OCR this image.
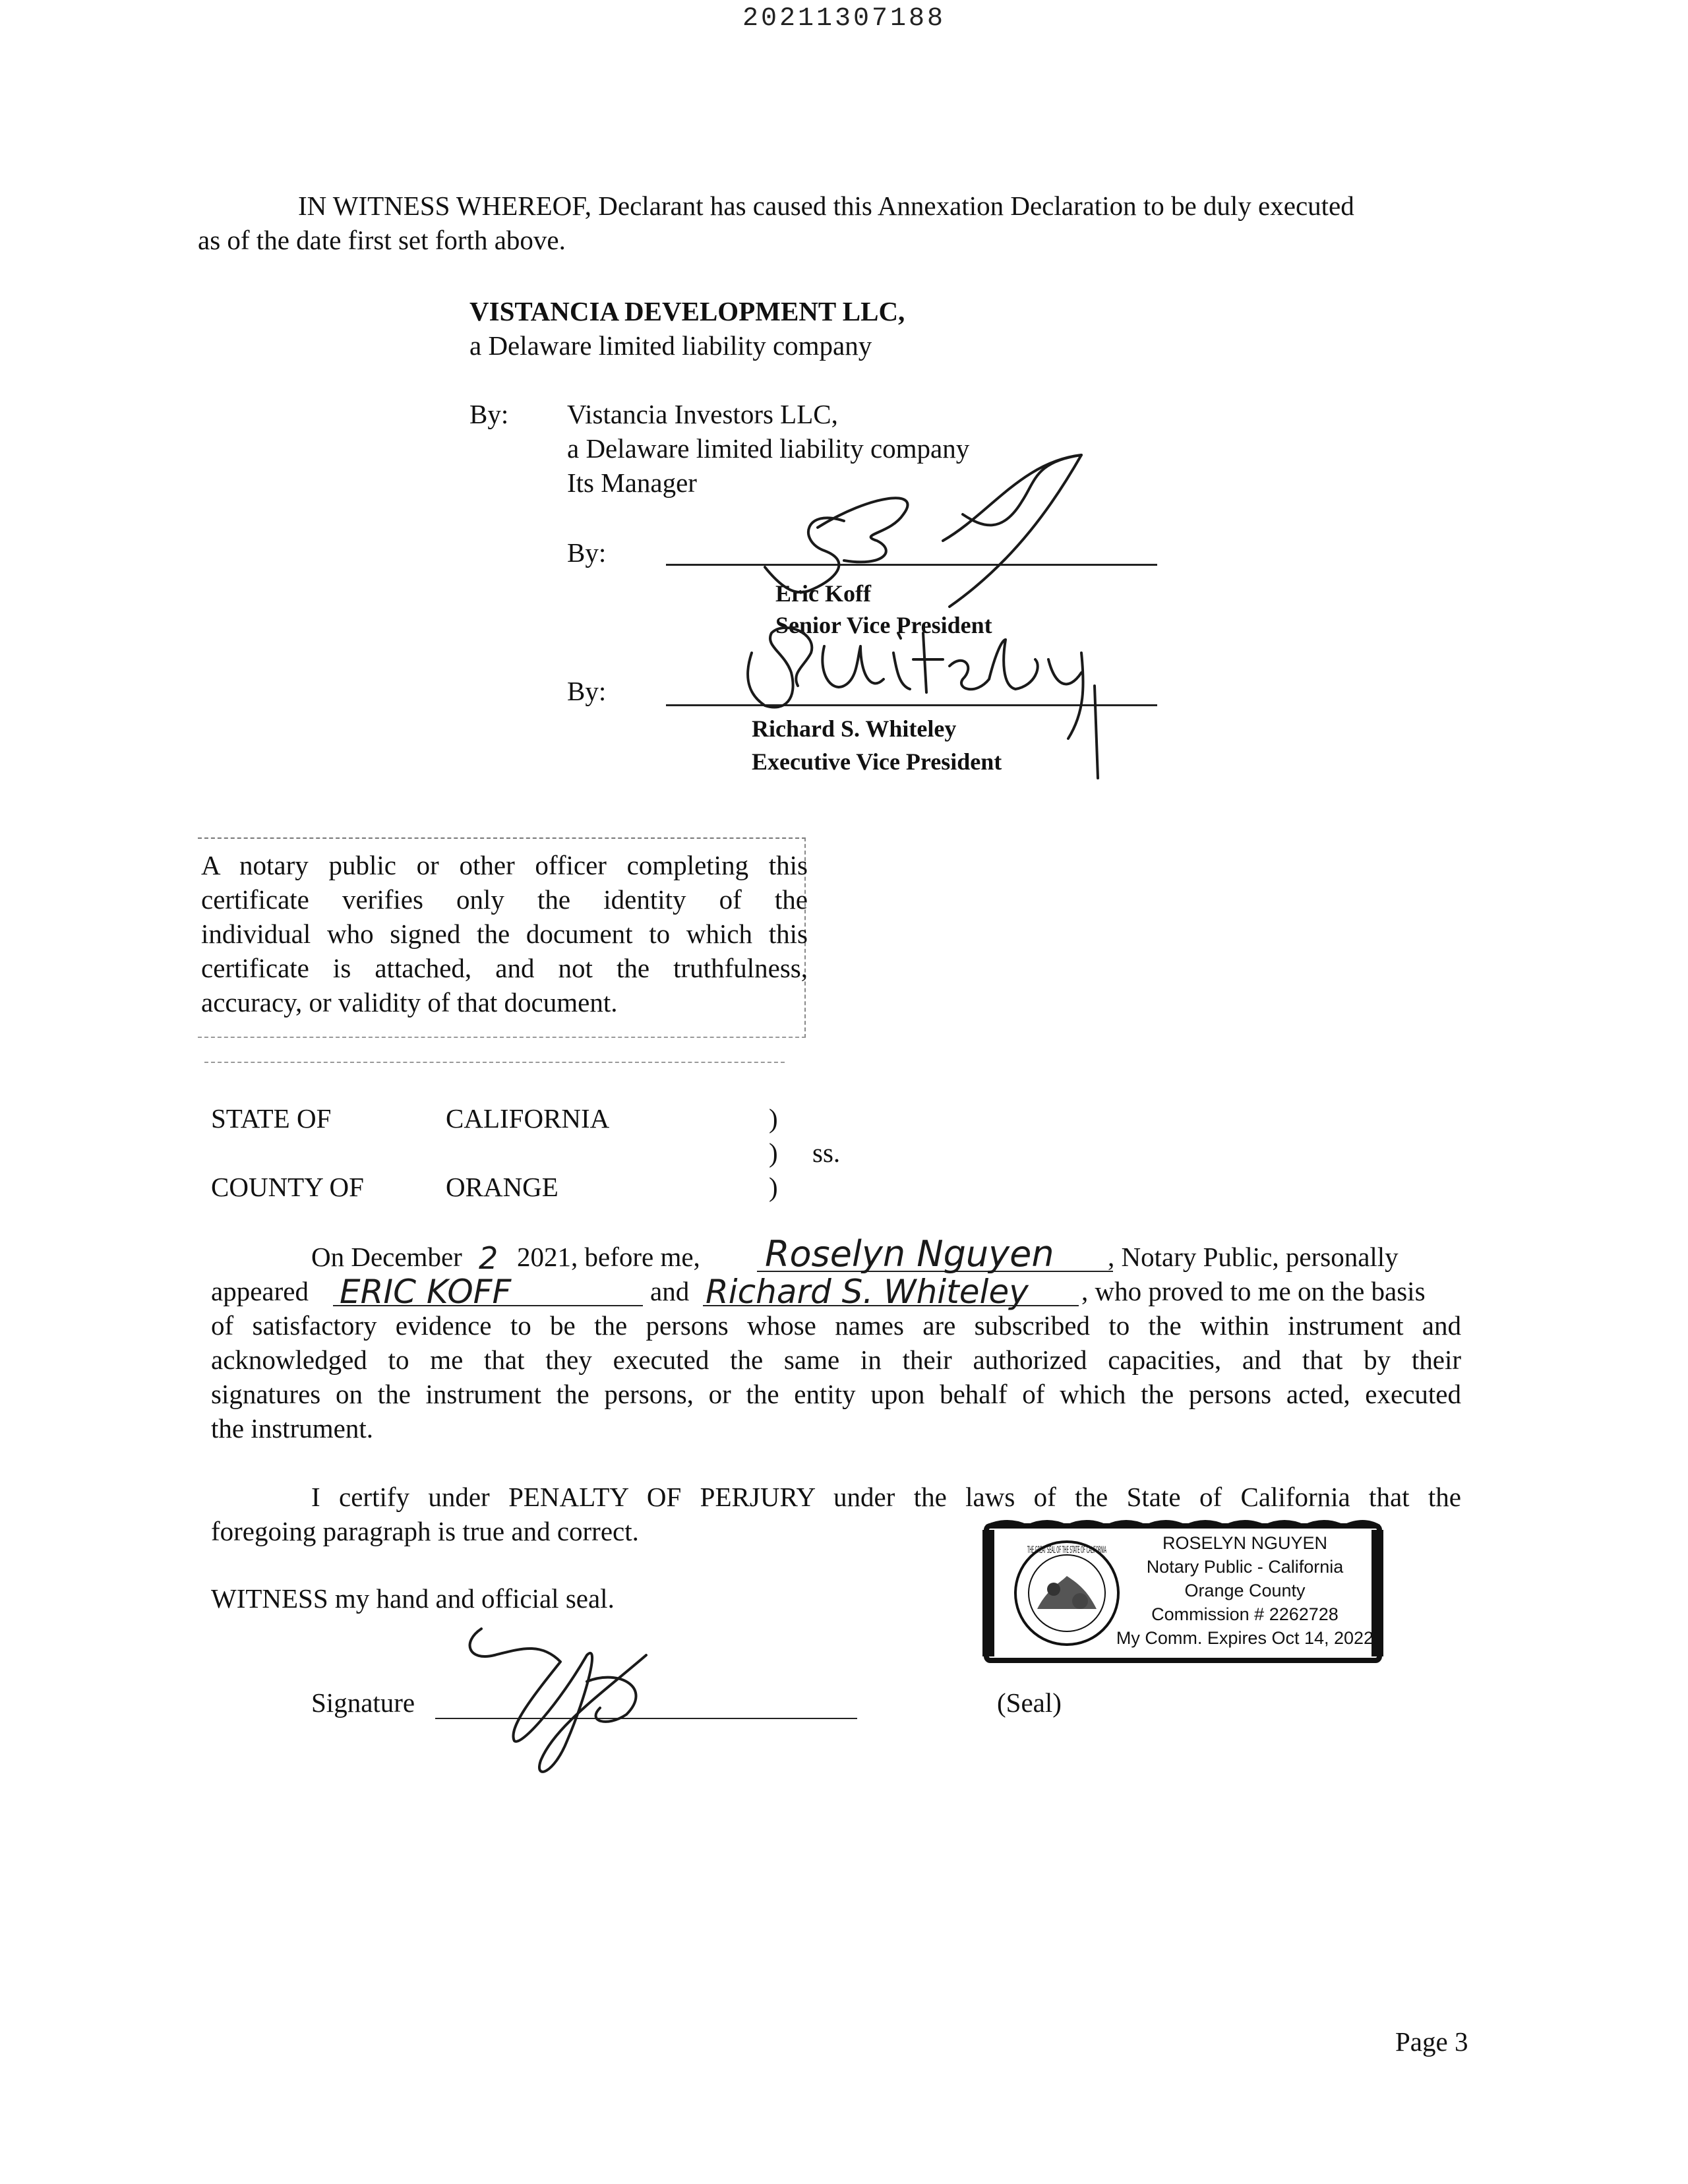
20211307188
IN WITNESS WHEREOF, Declarant has caused this Annexation Declaration to be duly executed
as of the date first set forth above.
VISTANCIA DEVELOPMENT LLC,
a Delaware limited liability company
By: Vistancia Investors LLC,
a Delaware limited liability company
Its Manager
By:
Eric Koff
Senior Vice President
By:
Richard S. Whiteley
Executive Vice President
A notary public or other officer completing this
certificate verifies only the identity of the
individual who signed the document to which this
certificate is attached, and not the truthfulness,
accuracy, or validity of that document.
STATE OF	CALIFORNIA	)
) ss.
COUNTY OF	ORANGE	)
On December 2021, before me,	, Notary Public, personally
appeared	and	, who proved to me on the basis
of satisfactory evidence to be the persons whose names are subscribed to the within instrument and
acknowledged to me that they executed the same in their authorized capacities, and that by their
signatures on the instrument the persons, or the entity upon behalf of which the persons acted, executed
the instrument.
2	Roselyn Nguyen
ERIC KOFF	Richard S. Whiteley
I certify under PENALTY OF PERJURY under the laws of the State of California that the
foregoing paragraph is true and correct.
WITNESS my hand and official seal.
Signature
THE GREAT SEAL OF THE STATE OF CALIFORNIA	ROSELYN NGUYEN
Notary Public - California
Orange County
Commission # 2262728
My Comm. Expires Oct 14, 2022
(Seal)
Page 3
